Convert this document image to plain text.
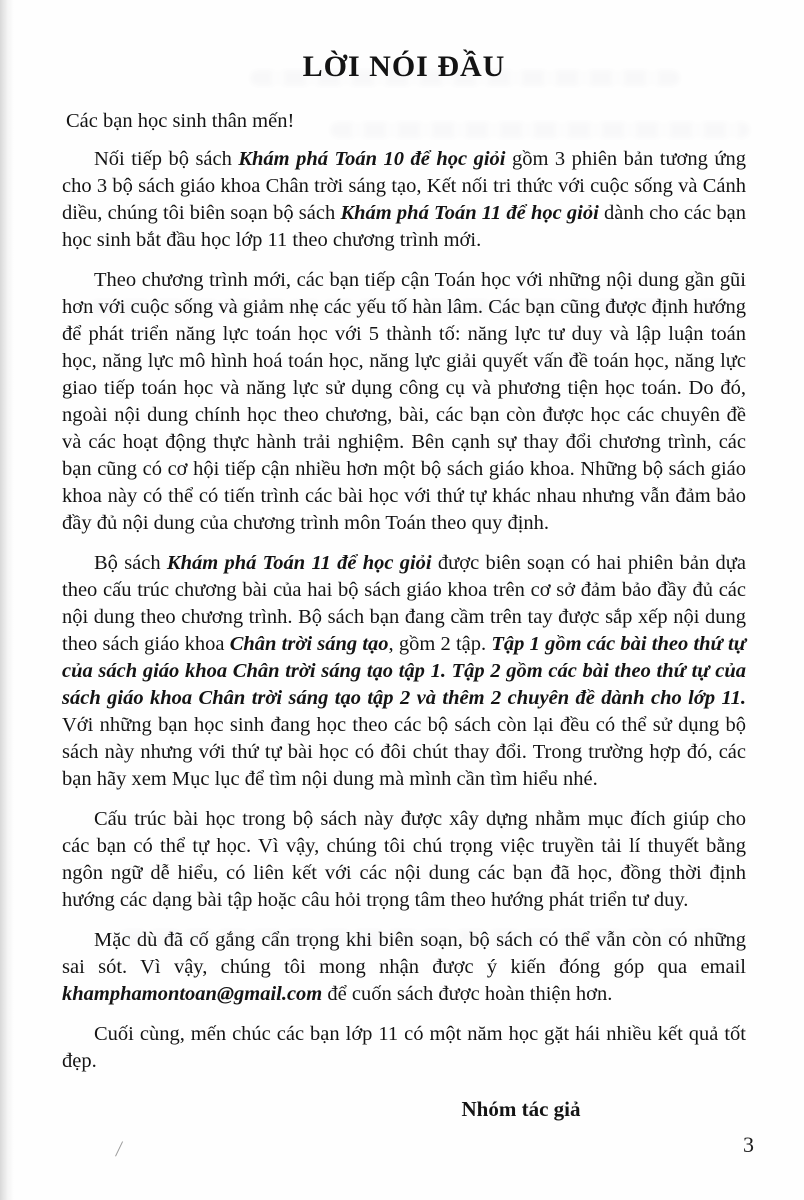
LỜI NÓI ĐẦU

Các bạn học sinh thân mến!

Nối tiếp bộ sách Khám phá Toán 10 để học giỏi gồm 3 phiên bản tương ứng cho 3 bộ sách giáo khoa Chân trời sáng tạo, Kết nối tri thức với cuộc sống và Cánh diều, chúng tôi biên soạn bộ sách Khám phá Toán 11 để học giỏi dành cho các bạn học sinh bắt đầu học lớp 11 theo chương trình mới.

Theo chương trình mới, các bạn tiếp cận Toán học với những nội dung gần gũi hơn với cuộc sống và giảm nhẹ các yếu tố hàn lâm. Các bạn cũng được định hướng để phát triển năng lực toán học với 5 thành tố: năng lực tư duy và lập luận toán học, năng lực mô hình hoá toán học, năng lực giải quyết vấn đề toán học, năng lực giao tiếp toán học và năng lực sử dụng công cụ và phương tiện học toán. Do đó, ngoài nội dung chính học theo chương, bài, các bạn còn được học các chuyên đề và các hoạt động thực hành trải nghiệm. Bên cạnh sự thay đổi chương trình, các bạn cũng có cơ hội tiếp cận nhiều hơn một bộ sách giáo khoa. Những bộ sách giáo khoa này có thể có tiến trình các bài học với thứ tự khác nhau nhưng vẫn đảm bảo đầy đủ nội dung của chương trình môn Toán theo quy định.

Bộ sách Khám phá Toán 11 để học giỏi được biên soạn có hai phiên bản dựa theo cấu trúc chương bài của hai bộ sách giáo khoa trên cơ sở đảm bảo đầy đủ các nội dung theo chương trình. Bộ sách bạn đang cầm trên tay được sắp xếp nội dung theo sách giáo khoa Chân trời sáng tạo, gồm 2 tập. Tập 1 gồm các bài theo thứ tự của sách giáo khoa Chân trời sáng tạo tập 1. Tập 2 gồm các bài theo thứ tự của sách giáo khoa Chân trời sáng tạo tập 2 và thêm 2 chuyên đề dành cho lớp 11. Với những bạn học sinh đang học theo các bộ sách còn lại đều có thể sử dụng bộ sách này nhưng với thứ tự bài học có đôi chút thay đổi. Trong trường hợp đó, các bạn hãy xem Mục lục để tìm nội dung mà mình cần tìm hiểu nhé.

Cấu trúc bài học trong bộ sách này được xây dựng nhằm mục đích giúp cho các bạn có thể tự học. Vì vậy, chúng tôi chú trọng việc truyền tải lí thuyết bằng ngôn ngữ dễ hiểu, có liên kết với các nội dung các bạn đã học, đồng thời định hướng các dạng bài tập hoặc câu hỏi trọng tâm theo hướng phát triển tư duy.

Mặc dù đã cố gắng cẩn trọng khi biên soạn, bộ sách có thể vẫn còn có những sai sót. Vì vậy, chúng tôi mong nhận được ý kiến đóng góp qua email khamphamontoan@gmail.com để cuốn sách được hoàn thiện hơn.

Cuối cùng, mến chúc các bạn lớp 11 có một năm học gặt hái nhiều kết quả tốt đẹp.

Nhóm tác giả
/	3
